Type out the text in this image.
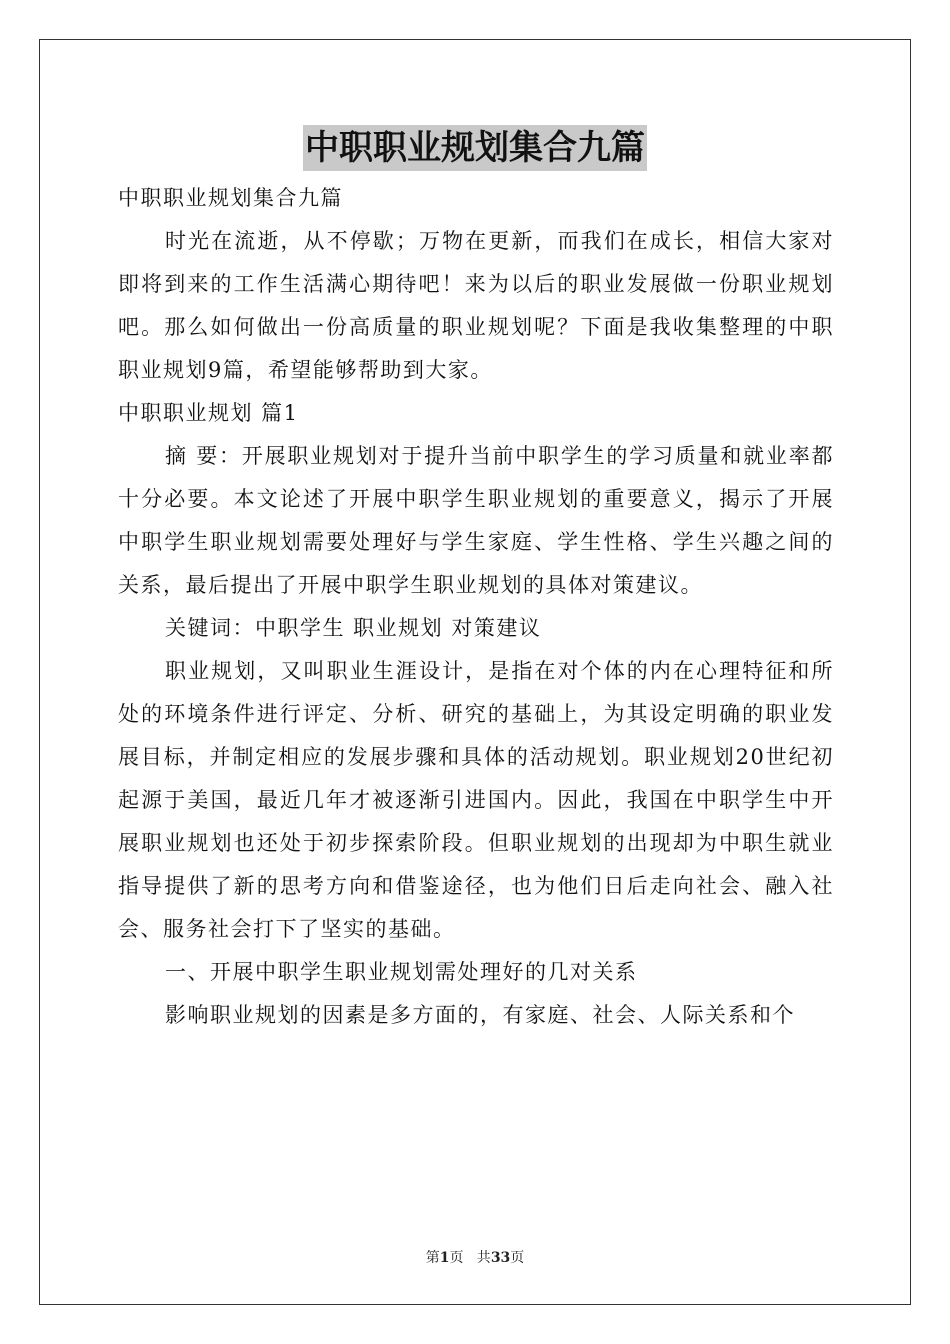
中职职业规划集合九篇

中职职业规划集合九篇

时光在流逝，从不停歇；万物在更新，而我们在成长，相信大家对即将到来的工作生活满心期待吧！来为以后的职业发展做一份职业规划吧。那么如何做出一份高质量的职业规划呢？下面是我收集整理的中职职业规划9篇，希望能够帮助到大家。

中职职业规划 篇1

摘 要：开展职业规划对于提升当前中职学生的学习质量和就业率都十分必要。本文论述了开展中职学生职业规划的重要意义，揭示了开展中职学生职业规划需要处理好与学生家庭、学生性格、学生兴趣之间的关系，最后提出了开展中职学生职业规划的具体对策建议。

关键词：中职学生 职业规划 对策建议

职业规划，又叫职业生涯设计，是指在对个体的内在心理特征和所处的环境条件进行评定、分析、研究的基础上，为其设定明确的职业发展目标，并制定相应的发展步骤和具体的活动规划。职业规划20世纪初起源于美国，最近几年才被逐渐引进国内。因此，我国在中职学生中开展职业规划也还处于初步探索阶段。但职业规划的出现却为中职生就业指导提供了新的思考方向和借鉴途径，也为他们日后走向社会、融入社会、服务社会打下了坚实的基础。

一、开展中职学生职业规划需处理好的几对关系

影响职业规划的因素是多方面的，有家庭、社会、人际关系和个

第1页   共33页
